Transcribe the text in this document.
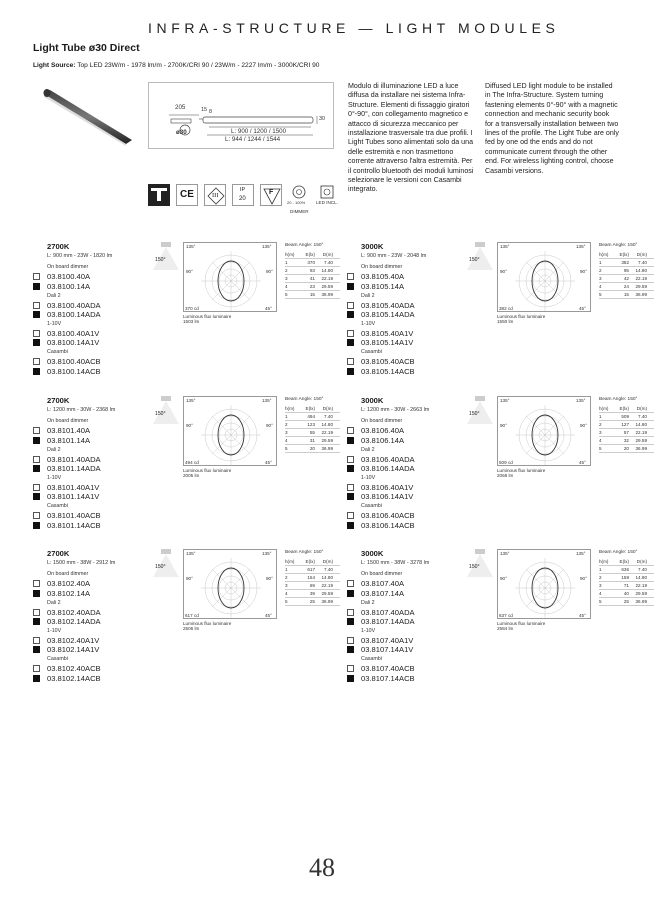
INFRA-STRUCTURE — LIGHT MODULES
Light Tube ø30 Direct
Light Source: Top LED 23W/m - 1978 lm/m - 2700K/CRI 90 / 23W/m - 2227 lm/m - 3000K/CRI 90
205	15 8
30
ø30	L: 900 / 1200 / 1500
L: 944 / 1244 / 1544
CE	III
IP
20
F
20 - 100%
DIMMER
LED INCL.
Modulo di illuminazione LED a luce diffusa da installare nei sistema Infra-Structure. Elementi di fissaggio giratori 0°-90°, con collegamento magnetico e attacco di sicurezza meccanico per installazione trasversale tra due profili. I Light Tubes sono alimentati solo da una delle estremità e non trasmettono corrente attraverso l'altra estremità. Per il controllo bluetooth dei moduli luminosi selezionare le versioni con Casambi integrato.
Diffused LED light module to be installed in The Infra-Structure. System turning fastening elements 0°-90° with a magnetic connection and mechanic security book for a transversally installation between two lines of the profile. The Light Tube are only fed by one od the ends and do not communicate current through the other end. For wireless lighting control, choose Casambi versions.
2700K
L: 900 mm - 23W - 1820 lm
On board dimmer
03.8100.40A
03.8100.14A
Dali 2
03.8100.40ADA
03.8100.14ADA
1-10V
03.8100.40A1V
03.8100.14A1V
Casambi
03.8100.40ACB
03.8100.14ACB
150°
135°	135°
90°	90°
370 cd	45°
Luminous flux luminaire
1503 lm
Beam Angle: 150°
h(m)	E(lx)	D(m)
1	370	7.40
2	93	14.80
3	41	22.19
4	23	29.59
5	15	36.99
3000K
L: 900 mm - 23W - 2048 lm
On board dimmer
03.8105.40A
03.8105.14A
Dali 2
03.8105.40ADA
03.8105.14ADA
1-10V
03.8105.40A1V
03.8105.14A1V
Casambi
03.8105.40ACB
03.8105.14ACB
150°
135°	135°
90°	90°
382 cd	45°
Luminous flux luminaire
1550 lm
Beam Angle: 150°
h(m)	E(lx)	D(m)
1	382	7.40
2	95	14.80
3	42	22.19
4	24	29.59
5	15	36.99
2700K
L: 1200 mm - 30W - 2368 lm
On board dimmer
03.8101.40A
03.8101.14A
Dali 2
03.8101.40ADA
03.8101.14ADA
1-10V
03.8101.40A1V
03.8101.14A1V
Casambi
03.8101.40ACB
03.8101.14ACB
150°
135°	135°
90°	90°
494 cd	45°
Luminous flux luminaire
2005 lm
Beam Angle: 150°
h(m)	E(lx)	D(m)
1	494	7.40
2	123	14.80
3	55	22.19
4	31	29.59
5	20	36.99
3000K
L: 1200 mm - 30W - 2663 lm
On board dimmer
03.8106.40A
03.8106.14A
Dali 2
03.8106.40ADA
03.8106.14ADA
1-10V
03.8106.40A1V
03.8106.14A1V
Casambi
03.8106.40ACB
03.8106.14ACB
150°
135°	135°
90°	90°
509 cd	45°
Luminous flux luminaire
2068 lm
Beam Angle: 150°
h(m)	E(lx)	D(m)
1	509	7.40
2	127	14.80
3	57	22.19
4	32	29.59
5	20	36.99
2700K
L: 1500 mm - 38W - 2912 lm
On board dimmer
03.8102.40A
03.8102.14A
Dali 2
03.8102.40ADA
03.8102.14ADA
1-10V
03.8102.40A1V
03.8102.14A1V
Casambi
03.8102.40ACB
03.8102.14ACB
150°
135°	135°
90°	90°
617 cd	45°
Luminous flux luminaire
2506 lm
Beam Angle: 150°
h(m)	E(lx)	D(m)
1	617	7.40
2	154	14.80
3	69	22.19
4	39	29.59
5	25	36.99
3000K
L: 1500 mm - 38W - 3278 lm
On board dimmer
03.8107.40A
03.8107.14A
Dali 2
03.8107.40ADA
03.8107.14ADA
1-10V
03.8107.40A1V
03.8107.14A1V
Casambi
03.8107.40ACB
03.8107.14ACB
150°
135°	135°
90°	90°
637 cd	45°
Luminous flux luminaire
2584 lm
Beam Angle: 150°
h(m)	E(lx)	D(m)
1	636	7.40
2	159	14.80
3	71	22.19
4	40	29.59
5	25	36.99
48
